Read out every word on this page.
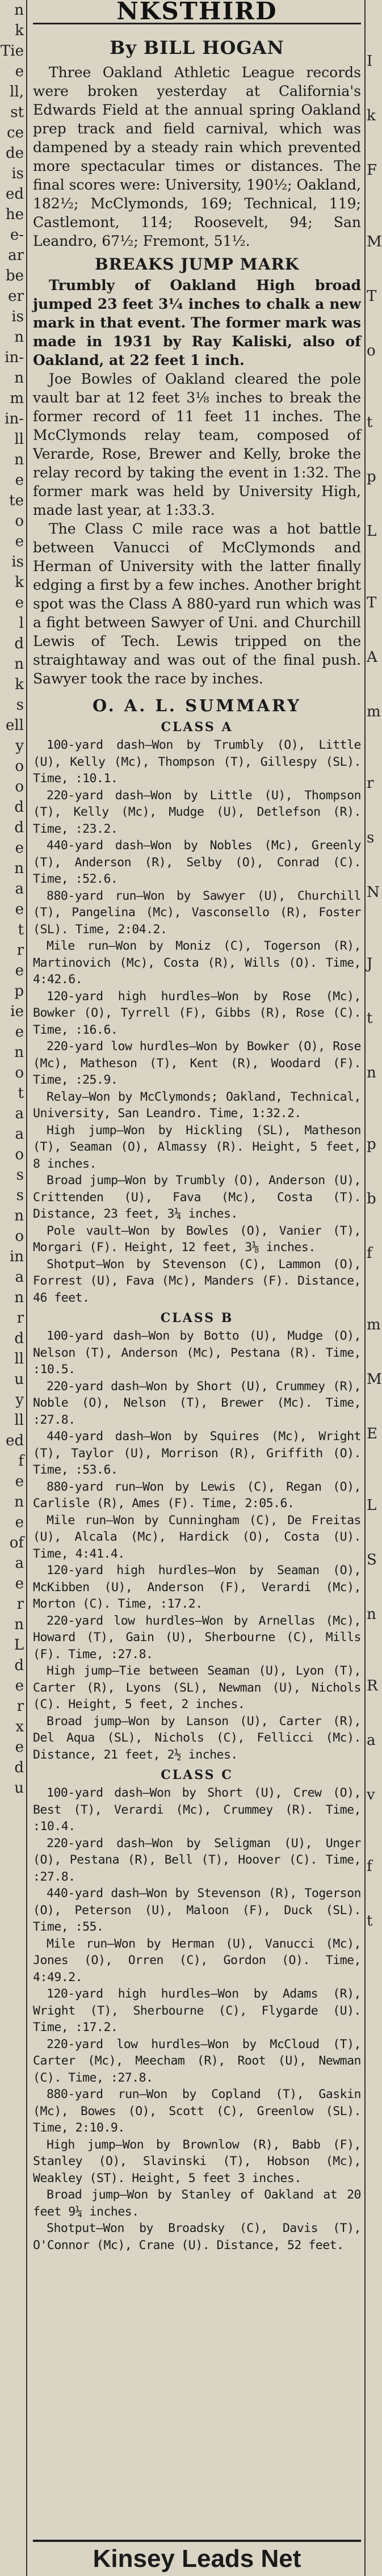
n
k
Tie
e
ll,
st
ce
de
is
ed
he
e-
ar
be
er
is
n
in-
n
m
in-
ll
n
e
te
o
e
is
k
e
l
d
n
k
s
ell
y
o
o
d
d
e
n
a
e
t
r
e
p
ie
e
n
o
t
a
a
o
s
s
n
o
in
a
n
r
d
ll
u
y
ll
ed
f
e
n
e
of
a
e
r
n
L
d
e
r
x
e
d
u
NKSTHIRD
By BILL HOGAN

Three Oakland Athletic League records were broken yesterday at California's Edwards Field at the annual spring Oakland prep track and field carnival, which was dampened by a steady rain which prevented more spectacular times or distances. The final scores were: University, 190½; Oakland, 182½; McClymonds, 169; Technical, 119; Castlemont, 114; Roosevelt, 94; San Leandro, 67½; Fremont, 51½.

BREAKS JUMP MARK

Trumbly of Oakland High broad jumped 23 feet 3¼ inches to chalk a new mark in that event. The former mark was made in 1931 by Ray Kaliski, also of Oakland, at 22 feet 1 inch.

Joe Bowles of Oakland cleared the pole vault bar at 12 feet 3⅛ inches to break the former record of 11 feet 11 inches. The McClymonds relay team, composed of Verarde, Rose, Brewer and Kelly, broke the relay record by taking the event in 1:32. The former mark was held by University High, made last year, at 1:33.3.

The Class C mile race was a hot battle between Vanucci of McClymonds and Herman of University with the latter finally edging a first by a few inches. Another bright spot was the Class A 880-yard run which was a fight between Sawyer of Uni. and Churchill Lewis of Tech. Lewis tripped on the straightaway and was out of the final push. Sawyer took the race by inches.

O. A. L. SUMMARY
CLASS A

100-yard dash—Won by Trumbly (O), Little (U), Kelly (Mc), Thompson (T), Gillespy (SL). Time, :10.1.

220-yard dash—Won by Little (U), Thompson (T), Kelly (Mc), Mudge (U), Detlefson (R). Time, :23.2.

440-yard dash—Won by Nobles (Mc), Greenly (T), Anderson (R), Selby (O), Conrad (C). Time, :52.6.

880-yard run—Won by Sawyer (U), Churchill (T), Pangelina (Mc), Vasconsello (R), Foster (SL). Time, 2:04.2.

Mile run—Won by Moniz (C), Togerson (R), Martinovich (Mc), Costa (R), Wills (O). Time, 4:42.6.

120-yard high hurdles—Won by Rose (Mc), Bowker (O), Tyrrell (F), Gibbs (R), Rose (C). Time, :16.6.

220-yard low hurdles—Won by Bowker (O), Rose (Mc), Matheson (T), Kent (R), Woodard (F). Time, :25.9.

Relay—Won by McClymonds; Oakland, Technical, University, San Leandro. Time, 1:32.2.

High jump—Won by Hickling (SL), Matheson (T), Seaman (O), Almassy (R). Height, 5 feet, 8 inches.

Broad jump—Won by Trumbly (O), Anderson (U), Crittenden (U), Fava (Mc), Costa (T). Distance, 23 feet, 3¼ inches.

Pole vault—Won by Bowles (O), Vanier (T), Morgari (F). Height, 12 feet, 3⅛ inches.

Shotput—Won by Stevenson (C), Lammon (O), Forrest (U), Fava (Mc), Manders (F). Distance, 46 feet.

CLASS B

100-yard dash—Won by Botto (U), Mudge (O), Nelson (T), Anderson (Mc), Pestana (R). Time, :10.5.

220-yard dash—Won by Short (U), Crummey (R), Noble (O), Nelson (T), Brewer (Mc). Time, :27.8.

440-yard dash—Won by Squires (Mc), Wright (T), Taylor (U), Morrison (R), Griffith (O). Time, :53.6.

880-yard run—Won by Lewis (C), Regan (O), Carlisle (R), Ames (F). Time, 2:05.6.

Mile run—Won by Cunningham (C), De Freitas (U), Alcala (Mc), Hardick (O), Costa (U). Time, 4:41.4.

120-yard high hurdles—Won by Seaman (O), McKibben (U), Anderson (F), Verardi (Mc), Morton (C). Time, :17.2.

220-yard low hurdles—Won by Arnellas (Mc), Howard (T), Gain (U), Sherbourne (C), Mills (F). Time, :27.8.

High jump—Tie between Seaman (U), Lyon (T), Carter (R), Lyons (SL), Newman (U), Nichols (C). Height, 5 feet, 2 inches.

Broad jump—Won by Lanson (U), Carter (R), Del Aqua (SL), Nichols (C), Fellicci (Mc). Distance, 21 feet, 2½ inches.

CLASS C

100-yard dash—Won by Short (U), Crew (O), Best (T), Verardi (Mc), Crummey (R). Time, :10.4.

220-yard dash—Won by Seligman (U), Unger (O), Pestana (R), Bell (T), Hoover (C). Time, :27.8.

440-yard dash—Won by Stevenson (R), Togerson (O), Peterson (U), Maloon (F), Duck (SL). Time, :55.

Mile run—Won by Herman (U), Vanucci (Mc), Jones (O), Orren (C), Gordon (O). Time, 4:49.2.

120-yard high hurdles—Won by Adams (R), Wright (T), Sherbourne (C), Flygarde (U). Time, :17.2.

220-yard low hurdles—Won by McCloud (T), Carter (Mc), Meecham (R), Root (U), Newman (C). Time, :27.8.

880-yard run—Won by Copland (T), Gaskin (Mc), Bowes (O), Scott (C), Greenlow (SL). Time, 2:10.9.

High jump—Won by Brownlow (R), Babb (F), Stanley (O), Slavinski (T), Hobson (Mc), Weakley (ST). Height, 5 feet 3 inches.

Broad jump—Won by Stanley of Oakland at 20 feet 9¼ inches.

Shotput—Won by Broadsky (C), Davis (T), O'Connor (Mc), Crane (U). Distance, 52 feet.

I
k
F
M
T
o
t
p
L
T
A
m
r
s
N
J
t
n
p
b
f
m
M
E
L
S
n
R
a
v
f
t
Kinsey Leads Net
